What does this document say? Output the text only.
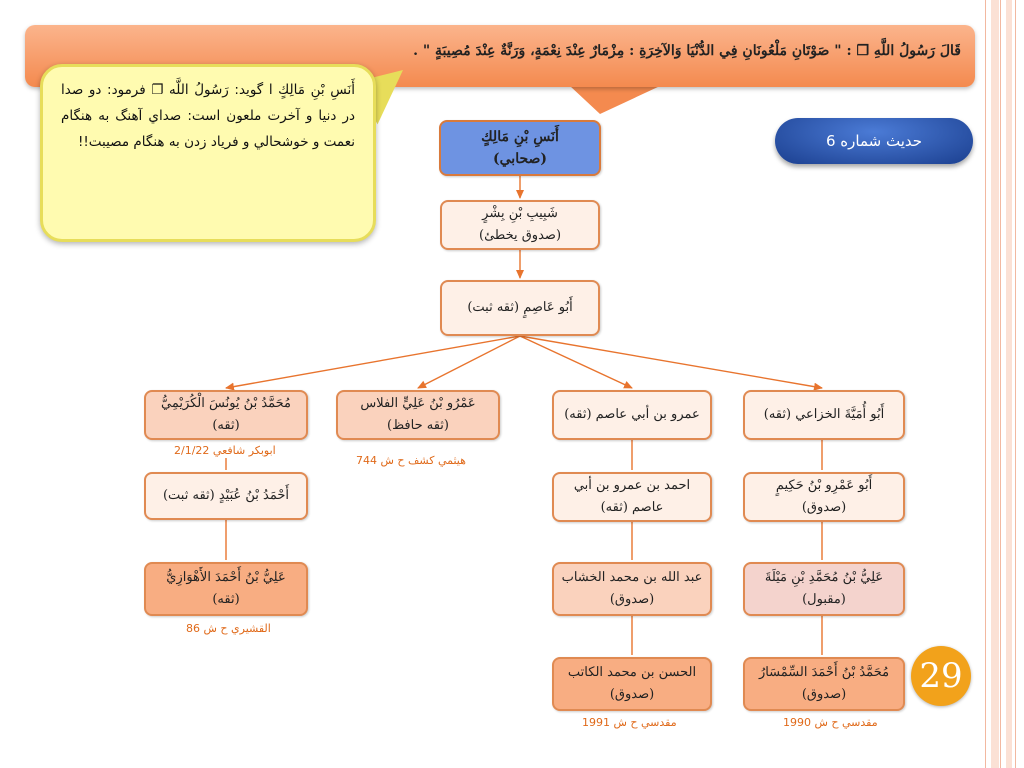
قَالَ رَسُولُ اللَّهِ ❐ : " صَوْتَانِ مَلْعُونَانِ فِي الدُّنْيَا وَالآخِرَةِ : مِزْمَارٌ عِنْدَ نِعْمَةٍ، وَرَنَّةٌ عِنْدَ مُصِيبَةٍ " .
أَنَسِ بْنِ مَالِكٍ ا گويد: رَسُولُ اللَّه ❐ فرمود: دو صدا در دنيا و آخرت ملعون است: صداي آهنگ به هنگام نعمت و خوشحالي و فرياد زدن به هنگام مصيبت!!	حديث شماره 6
أَنَسِ بْنِ مَالِكٍ
(صحابي)
شَبِيبِ بْنِ بِشْرٍ
(صدوق يخطئ)
أَبُو عَاصِمٍ (ثقه ثبت)
مُحَمَّدُ بْنُ يُونُسَ الْكُرَيْمِيُّ
(ثقه)
عَمْرُو بْنُ عَلِيٍّ الفلاس
(ثقه حافظ)
عمرو بن أبي عاصم (ثقه)	أَبُو أُمَيَّةَ الخزاعي (ثقه)
أَحْمَدُ بْنُ عُبَيْدٍ (ثقه ثبت)
احمد بن عمرو بن أبي
عاصم (ثقه)
أَبُو عَمْرِو بْنُ حَكِيمٍ
(صدوق)
عَلِيُّ بْنُ أَحْمَدَ الأَهْوَازِيُّ
(ثقه)
عبد الله بن محمد الخشاب
(صدوق)
عَلِيُّ بْنُ مُحَمَّدِ بْنِ مَيْلَةَ
(مقبول)
الحسن بن محمد الكاتب
(صدوق)
مُحَمَّدُ بْنُ أَحْمَدَ السِّمْسَارُ
(صدوق)
ابوبكر شافعي 2/1/22
هيثمي كشف ح ش 744
القشيري ح ش 86
مقدسي ح ش 1991	مقدسي ح ش 1990
29
